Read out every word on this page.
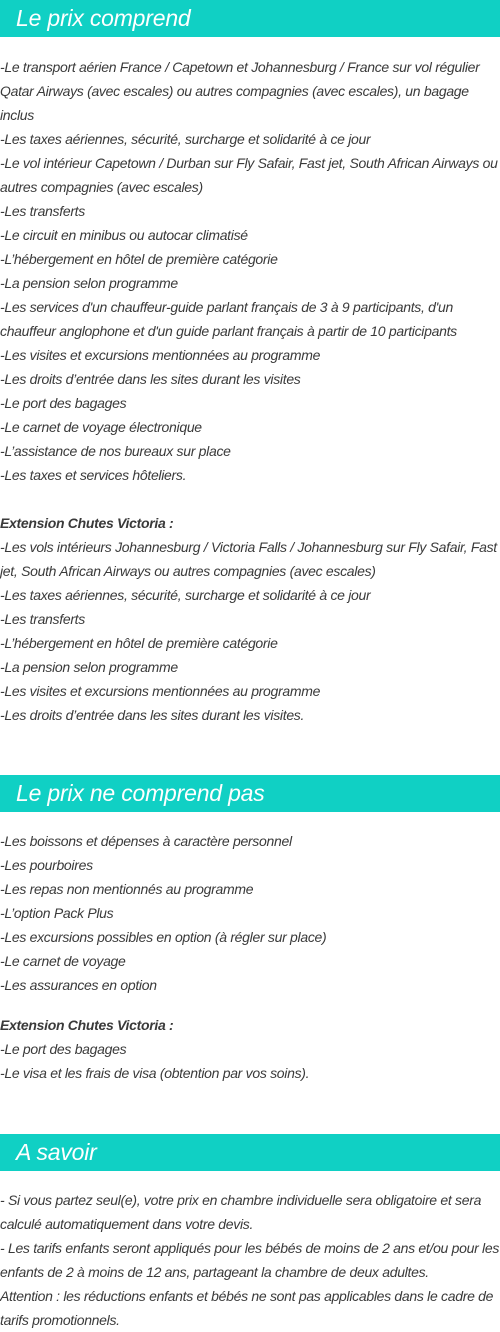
Le prix comprend
-Le transport aérien France / Capetown et Johannesburg / France sur vol régulier Qatar Airways (avec escales) ou autres compagnies (avec escales), un bagage inclus
-Les taxes aériennes, sécurité, surcharge et solidarité à ce jour
-Le vol intérieur Capetown / Durban sur Fly Safair, Fast jet, South African Airways ou autres compagnies (avec escales)
-Les transferts
-Le circuit en minibus ou autocar climatisé
-L’hébergement en hôtel de première catégorie
-La pension selon programme
-Les services d'un chauffeur-guide parlant français de 3 à 9 participants, d'un chauffeur anglophone et d'un guide parlant français à partir de 10 participants
-Les visites et excursions mentionnées au programme
-Les droits d’entrée dans les sites durant les visites
-Le port des bagages
-Le carnet de voyage électronique
-L’assistance de nos bureaux sur place
-Les taxes et services hôteliers.
Extension Chutes Victoria :
-Les vols intérieurs Johannesburg / Victoria Falls / Johannesburg sur Fly Safair, Fast jet, South African Airways ou autres compagnies (avec escales)
-Les taxes aériennes, sécurité, surcharge et solidarité à ce jour
-Les transferts
-L’hébergement en hôtel de première catégorie
-La pension selon programme
-Les visites et excursions mentionnées au programme
-Les droits d’entrée dans les sites durant les visites.
Le prix ne comprend pas
-Les boissons et dépenses à caractère personnel
-Les pourboires
-Les repas non mentionnés au programme
-L’option Pack Plus
-Les excursions possibles en option (à régler sur place)
-Le carnet de voyage
-Les assurances en option
Extension Chutes Victoria :
-Le port des bagages
-Le visa et les frais de visa (obtention par vos soins).
A savoir
- Si vous partez seul(e), votre prix en chambre individuelle sera obligatoire et sera calculé automatiquement dans votre devis.
- Les tarifs enfants seront appliqués pour les bébés de moins de 2 ans et/ou pour les enfants de 2 à moins de 12 ans, partageant la chambre de deux adultes.
Attention : les réductions enfants et bébés ne sont pas applicables dans le cadre de tarifs promotionnels.
